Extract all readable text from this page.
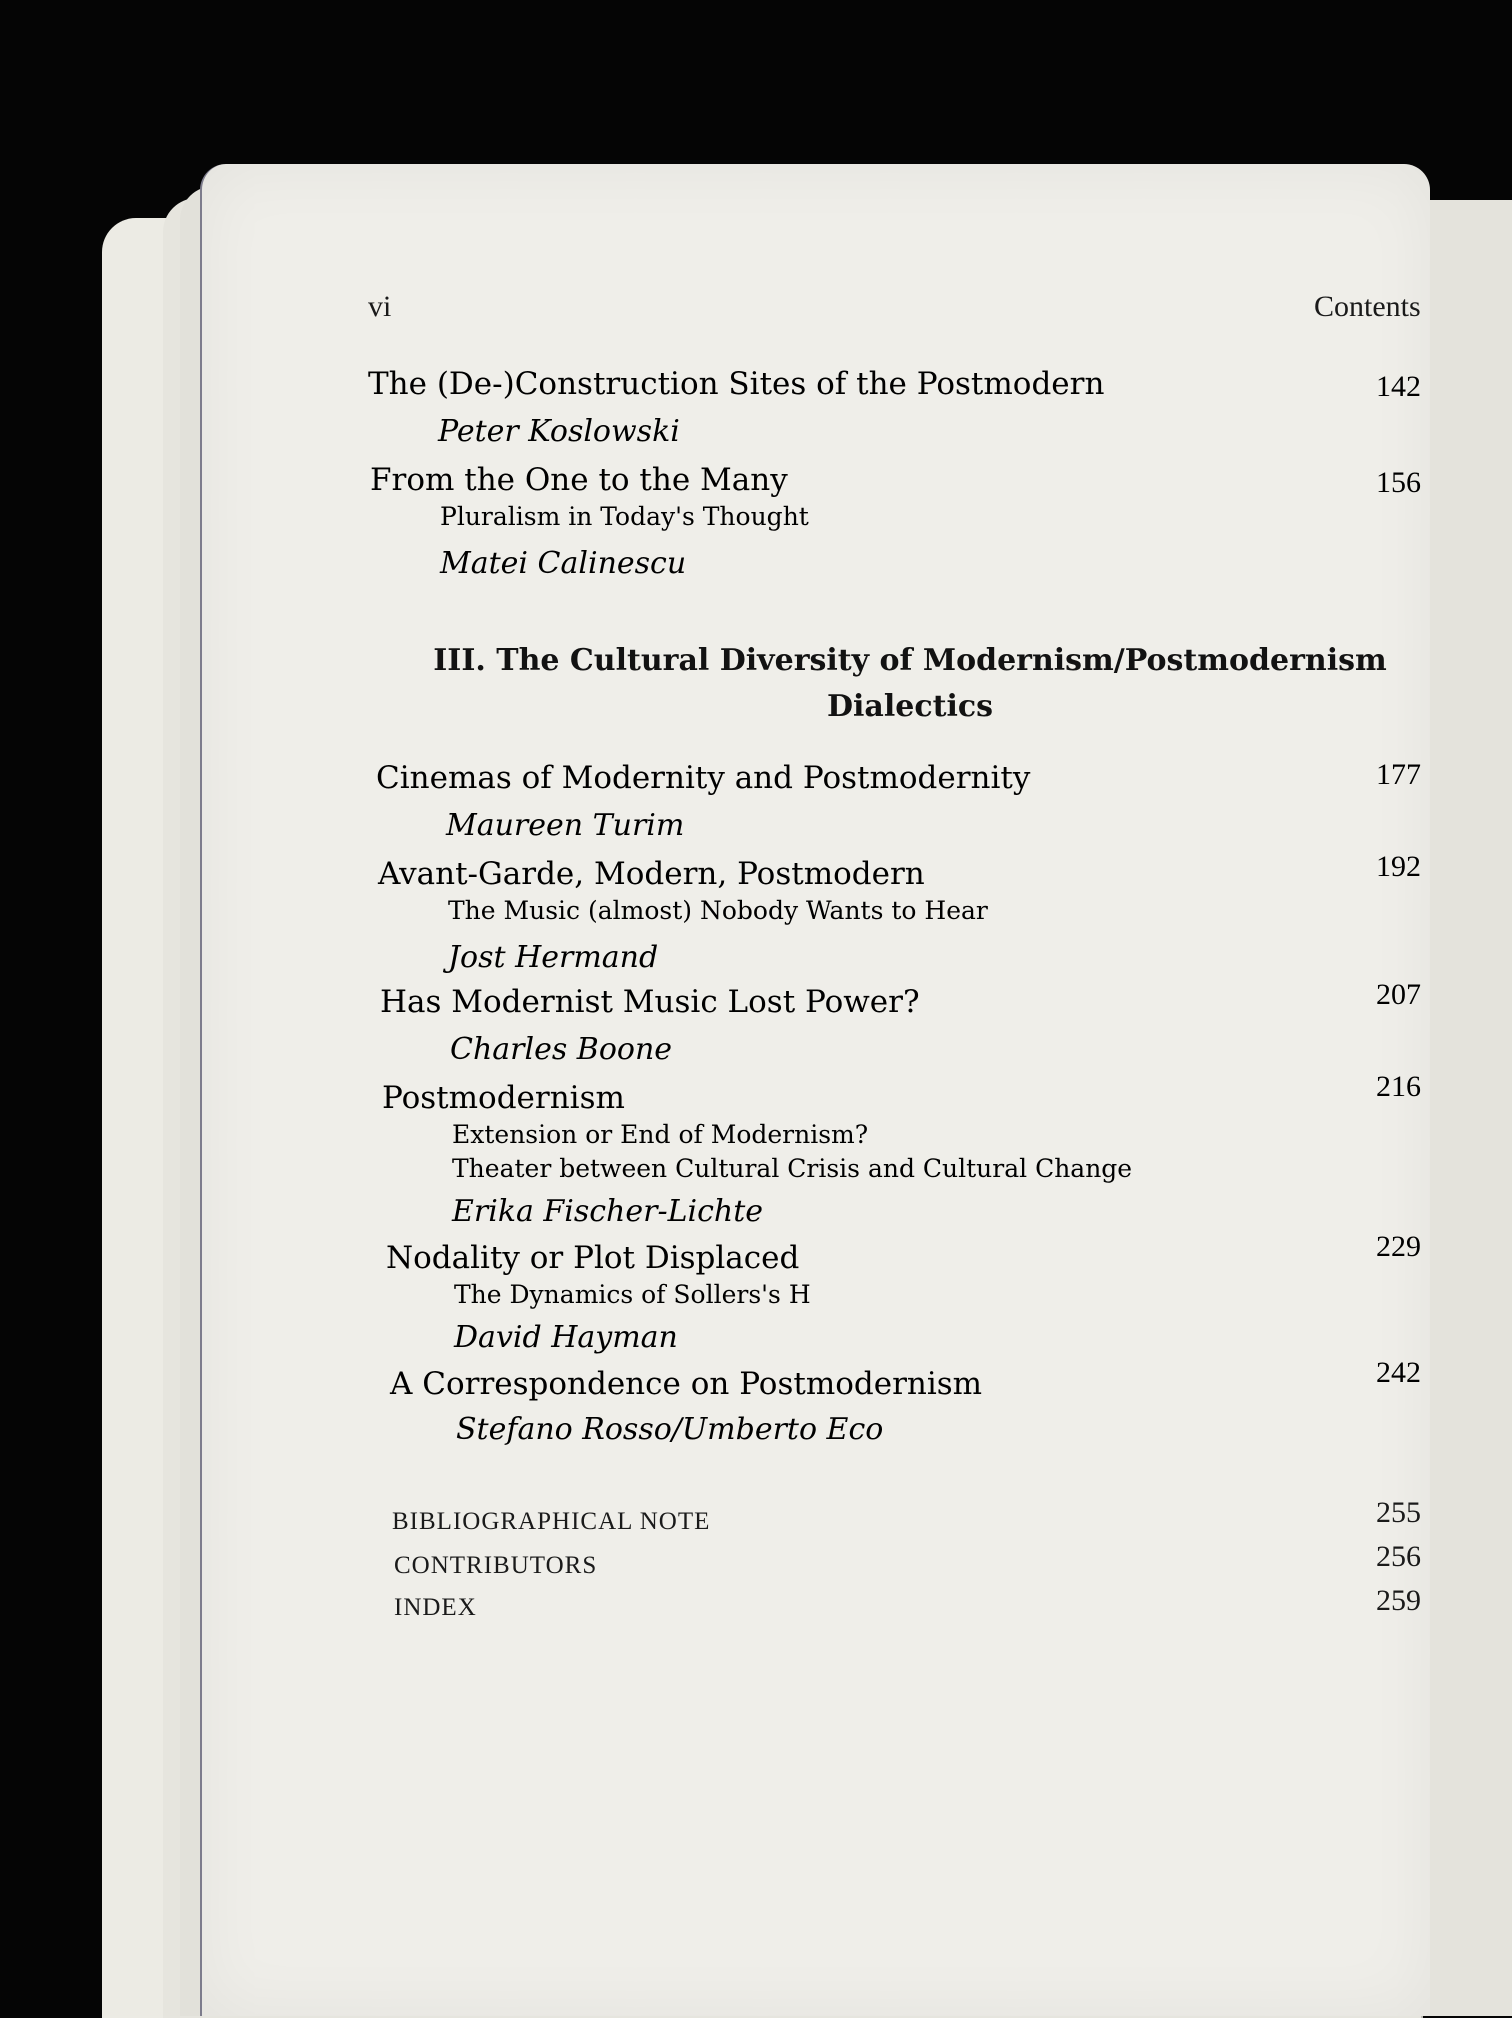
vi	Contents
The (De-)Construction Sites of the Postmodern	142
Peter Koslowski
From the One to the Many	156
Pluralism in Today's Thought
Matei Calinescu
III. The Cultural Diversity of Modernism/Postmodernism
Dialectics
Cinemas of Modernity and Postmodernity	177
Maureen Turim
Avant-Garde, Modern, Postmodern	192
The Music (almost) Nobody Wants to Hear
Jost Hermand
Has Modernist Music Lost Power?	207
Charles Boone
Postmodernism	216
Extension or End of Modernism?
Theater between Cultural Crisis and Cultural Change
Erika Fischer-Lichte
Nodality or Plot Displaced	229
The Dynamics of Sollers's H
David Hayman
A Correspondence on Postmodernism	242
Stefano Rosso/Umberto Eco
BIBLIOGRAPHICAL NOTE	255
CONTRIBUTORS	256
INDEX	259
